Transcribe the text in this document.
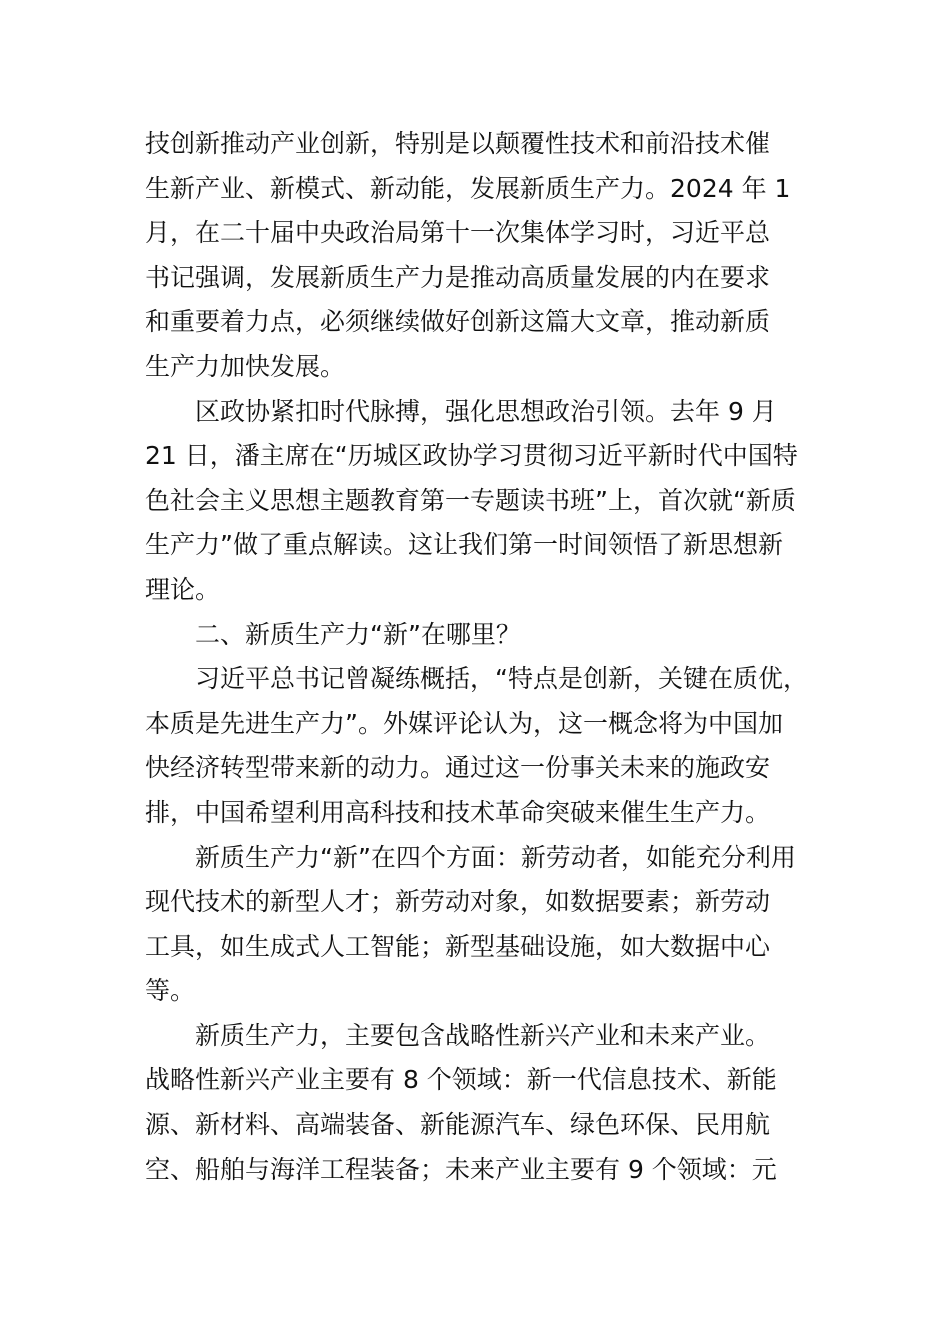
技创新推动产业创新，特别是以颠覆性技术和前沿技术催
生新产业、新模式、新动能，发展新质生产力。2024 年 1
月，在二十届中央政治局第十一次集体学习时，习近平总
书记强调，发展新质生产力是推动高质量发展的内在要求
和重要着力点，必须继续做好创新这篇大文章，推动新质
生产力加快发展。
区政协紧扣时代脉搏，强化思想政治引领。去年 9 月
21 日，潘主席在“历城区政协学习贯彻习近平新时代中国特
色社会主义思想主题教育第一专题读书班”上，首次就“新质
生产力”做了重点解读。这让我们第一时间领悟了新思想新
理论。
二、新质生产力“新”在哪里？
习近平总书记曾凝练概括，“特点是创新，关键在质优，
本质是先进生产力”。外媒评论认为，这一概念将为中国加
快经济转型带来新的动力。通过这一份事关未来的施政安
排，中国希望利用高科技和技术革命突破来催生生产力。
新质生产力“新”在四个方面：新劳动者，如能充分利用
现代技术的新型人才；新劳动对象，如数据要素；新劳动
工具，如生成式人工智能；新型基础设施，如大数据中心
等。
新质生产力，主要包含战略性新兴产业和未来产业。
战略性新兴产业主要有 8 个领域：新一代信息技术、新能
源、新材料、高端装备、新能源汽车、绿色环保、民用航
空、船舶与海洋工程装备；未来产业主要有 9 个领域：元
